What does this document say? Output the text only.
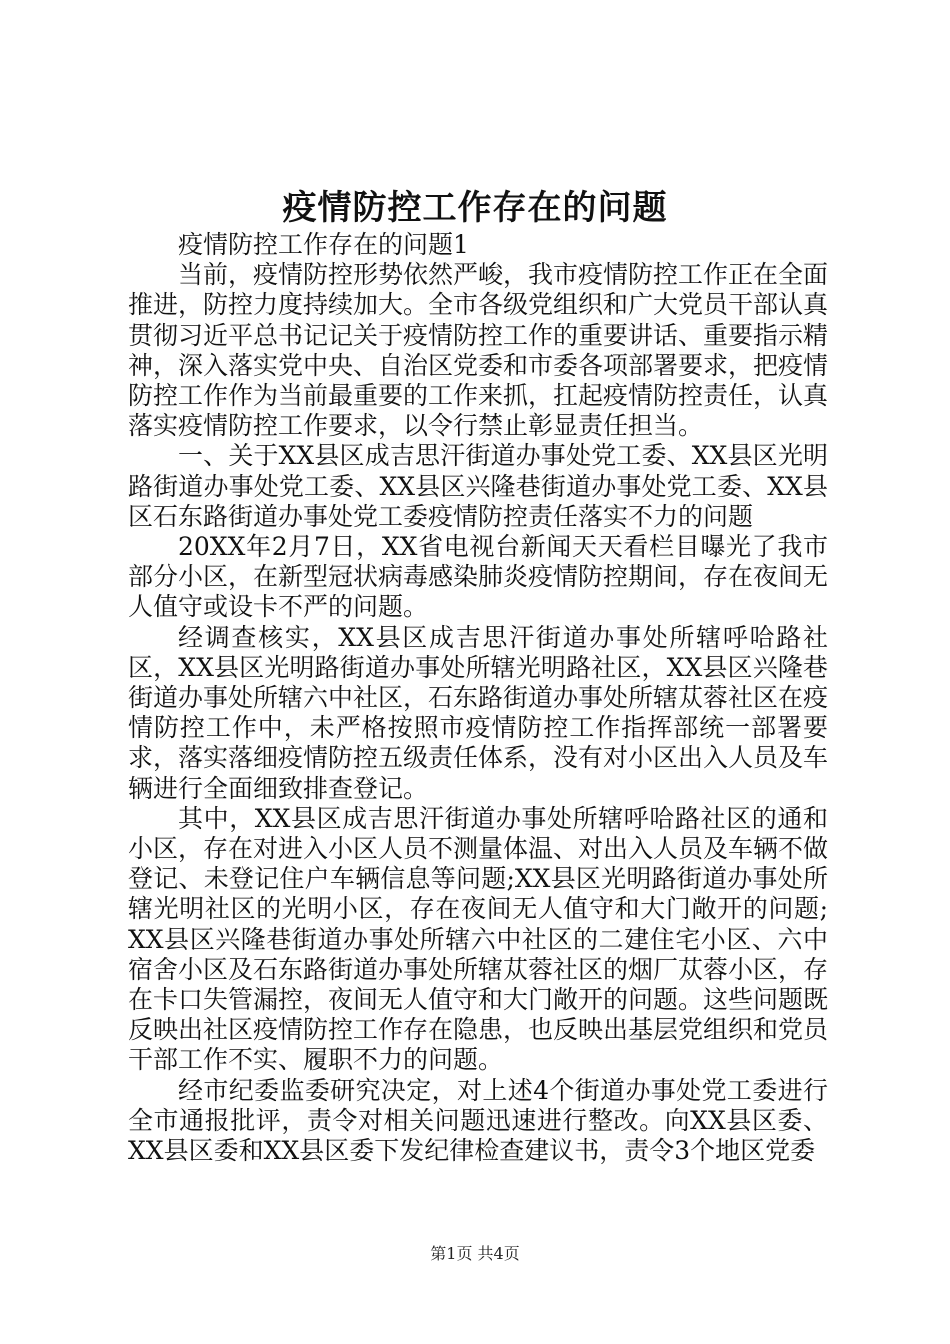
疫情防控工作存在的问题

疫情防控工作存在的问题1

当前，疫情防控形势依然严峻，我市疫情防控工作正在全面推进，防控力度持续加大。全市各级党组织和广大党员干部认真贯彻习近平总书记记关于疫情防控工作的重要讲话、重要指示精神，深入落实党中央、自治区党委和市委各项部署要求，把疫情防控工作作为当前最重要的工作来抓，扛起疫情防控责任，认真落实疫情防控工作要求，以令行禁止彰显责任担当。

一、关于XX县区成吉思汗街道办事处党工委、XX县区光明路街道办事处党工委、XX县区兴隆巷街道办事处党工委、XX县区石东路街道办事处党工委疫情防控责任落实不力的问题

20XX年2月7日，XX省电视台新闻天天看栏目曝光了我市部分小区，在新型冠状病毒感染肺炎疫情防控期间，存在夜间无人值守或设卡不严的问题。

经调查核实，XX县区成吉思汗街道办事处所辖呼哈路社区，XX县区光明路街道办事处所辖光明路社区，XX县区兴隆巷街道办事处所辖六中社区，石东路街道办事处所辖苁蓉社区在疫情防控工作中，未严格按照市疫情防控工作指挥部统一部署要求，落实落细疫情防控五级责任体系，没有对小区出入人员及车辆进行全面细致排查登记。

其中，XX县区成吉思汗街道办事处所辖呼哈路社区的通和小区，存在对进入小区人员不测量体温、对出入人员及车辆不做登记、未登记住户车辆信息等问题;XX县区光明路街道办事处所辖光明社区的光明小区，存在夜间无人值守和大门敞开的问题;XX县区兴隆巷街道办事处所辖六中社区的二建住宅小区、六中宿舍小区及石东路街道办事处所辖苁蓉社区的烟厂苁蓉小区，存在卡口失管漏控，夜间无人值守和大门敞开的问题。这些问题既反映出社区疫情防控工作存在隐患，也反映出基层党组织和党员干部工作不实、履职不力的问题。

经市纪委监委研究决定，对上述4个街道办事处党工委进行全市通报批评，责令对相关问题迅速进行整改。向XX县区委、XX县区委和XX县区委下发纪律检查建议书，责令3个地区党委

第1页 共4页
